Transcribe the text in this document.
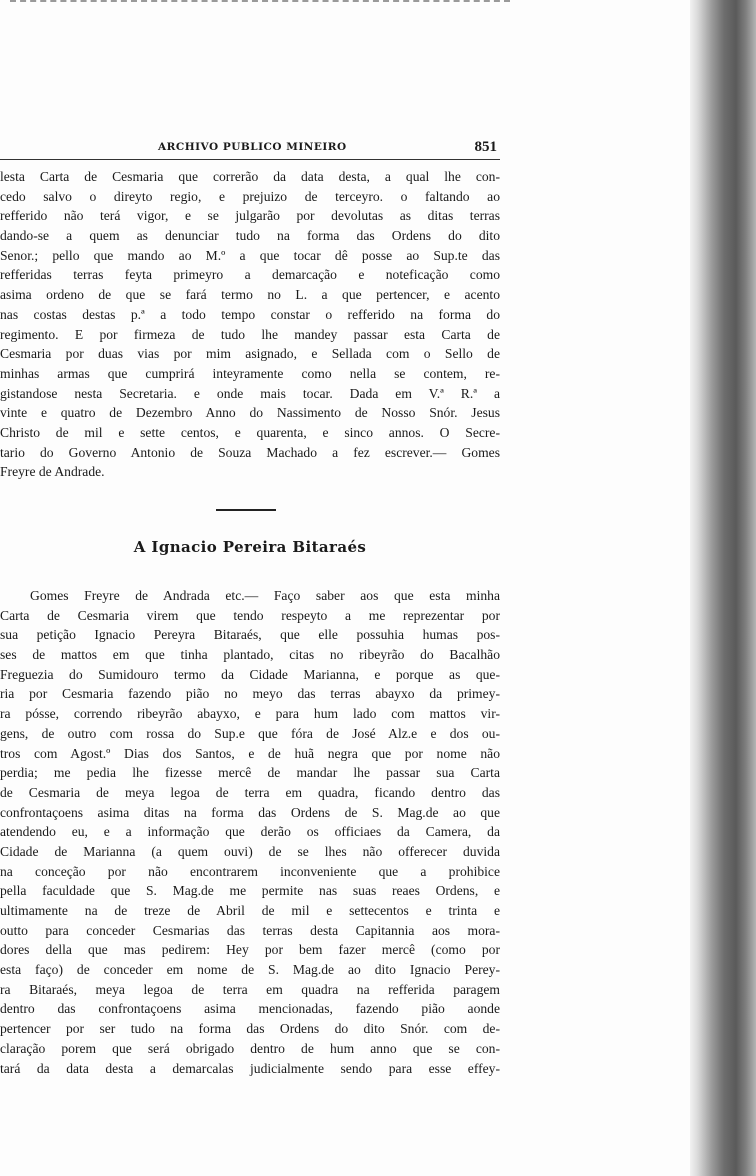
ARCHIVO PUBLICO MINEIRO	851
lesta Carta de Cesmaria que correrão da data desta, a qual lhe con-
cedo salvo o direyto regio, e prejuizo de terceyro. o faltando ao
refferido não terá vigor, e se julgarão por devolutas as ditas terras
dando-se a quem as denunciar tudo na forma das Ordens do dito
Senor.; pello que mando ao M.º a que tocar dê posse ao Sup.te das
refferidas terras feyta primeyro a demarcação e noteficação como
asima ordeno de que se fará termo no L. a que pertencer, e acento
nas costas destas p.ª a todo tempo constar o refferido na forma do
regimento. E por firmeza de tudo lhe mandey passar esta Carta de
Cesmaria por duas vias por mim asignado, e Sellada com o Sello de
minhas armas que cumprirá inteyramente como nella se contem, re-
gistandose nesta Secretaria. e onde mais tocar. Dada em V.ª R.ª a
vinte e quatro de Dezembro Anno do Nassimento de Nosso Snór. Jesus
Christo de mil e sette centos, e quarenta, e sinco annos. O Secre-
tario do Governo Antonio de Souza Machado a fez escrever.— Gomes
Freyre de Andrade.
A Ignacio Pereira Bitaraés
Gomes Freyre de Andrada etc.— Faço saber aos que esta minha
Carta de Cesmaria virem que tendo respeyto a me reprezentar por
sua petição Ignacio Pereyra Bitaraés, que elle possuhia humas pos-
ses de mattos em que tinha plantado, citas no ribeyrão do Bacalhão
Freguezia do Sumidouro termo da Cidade Marianna, e porque as que-
ria por Cesmaria fazendo pião no meyo das terras abayxo da primey-
ra pósse, correndo ribeyrão abayxo, e para hum lado com mattos vir-
gens, de outro com rossa do Sup.e que fóra de José Alz.e e dos ou-
tros com Agost.º Dias dos Santos, e de huã negra que por nome não
perdia; me pedia lhe fizesse mercê de mandar lhe passar sua Carta
de Cesmaria de meya legoa de terra em quadra, ficando dentro das
confrontaçoens asima ditas na forma das Ordens de S. Mag.de ao que
atendendo eu, e a informação que derão os officiaes da Camera, da
Cidade de Marianna (a quem ouvi) de se lhes não offerecer duvida
na conceção por não encontrarem inconveniente que a prohibice
pella faculdade que S. Mag.de me permite nas suas reaes Ordens, e
ultimamente na de treze de Abril de mil e settecentos e trinta e
outto para conceder Cesmarias das terras desta Capitannia aos mora-
dores della que mas pedirem: Hey por bem fazer mercê (como por
esta faço) de conceder em nome de S. Mag.de ao dito Ignacio Perey-
ra Bitaraés, meya legoa de terra em quadra na refferida paragem
dentro das confrontaçoens asima mencionadas, fazendo pião aonde
pertencer por ser tudo na forma das Ordens do dito Snór. com de-
claração porem que será obrigado dentro de hum anno que se con-
tará da data desta a demarcalas judicialmente sendo para esse effey-
